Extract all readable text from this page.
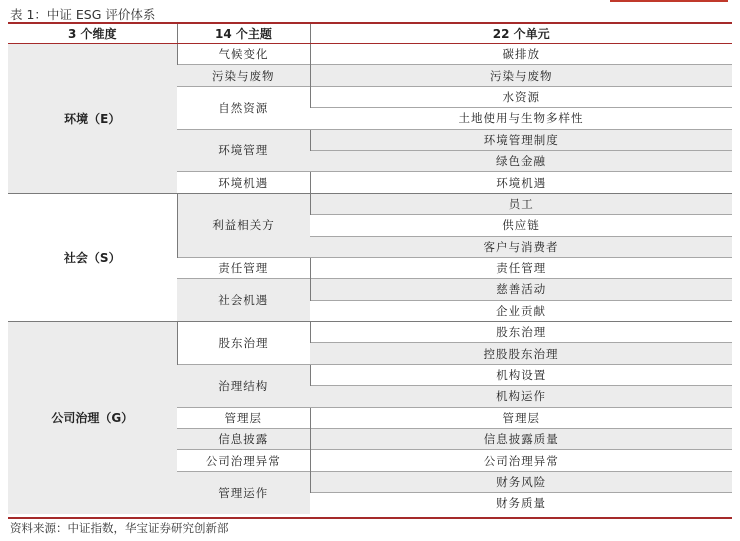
表 1：中证 ESG 评价体系
3 个维度	14 个主题	22 个单元
环境（E）	气候变化	碳排放
	污染与废物	污染与废物
	自然资源	水资源
		土地使用与生物多样性
	环境管理	环境管理制度
		绿色金融
	环境机遇	环境机遇
社会（S）	利益相关方	员工
		供应链
		客户与消费者
	责任管理	责任管理
	社会机遇	慈善活动
		企业贡献
公司治理（G）	股东治理	股东治理
		控股股东治理
	治理结构	机构设置
		机构运作
	管理层	管理层
	信息披露	信息披露质量
	公司治理异常	公司治理异常
	管理运作	财务风险
		财务质量
资料来源：中证指数，华宝证券研究创新部
